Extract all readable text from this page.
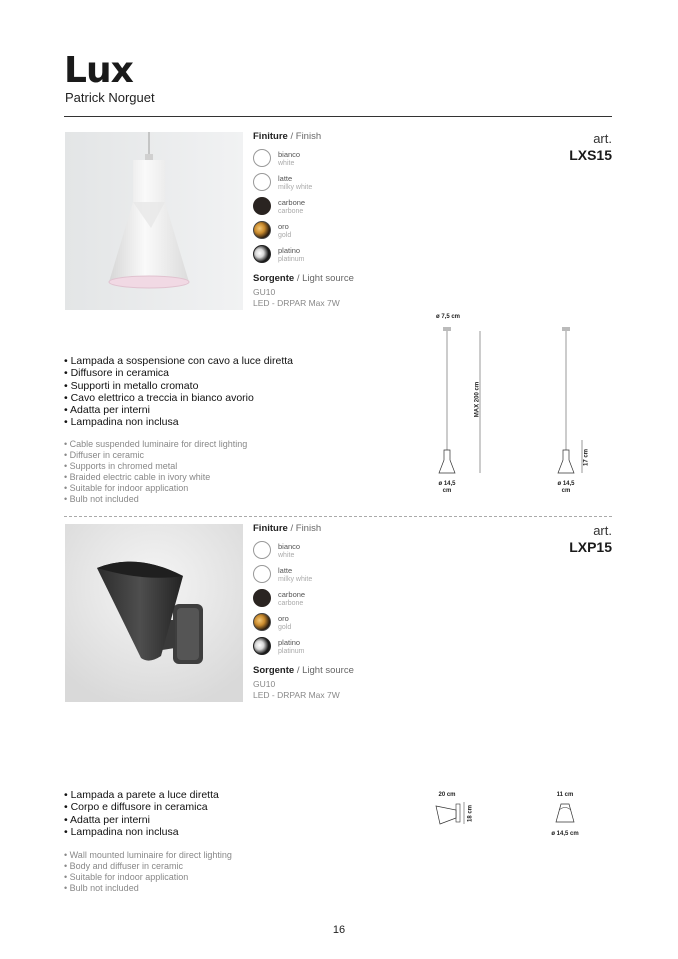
Lux
Patrick Norguet
Finiture / Finish
bianco
white
latte
milky white
carbone
carbone
oro
gold
platino
platinum
Sorgente / Light source
GU10
LED - DRPAR Max 7W
art.
LXS15
• Lampada a sospensione con cavo a luce diretta
• Diffusore in ceramica
• Supporti in metallo cromato
• Cavo elettrico a treccia in bianco avorio
• Adatta per interni
• Lampadina non inclusa
• Cable suspended luminaire for direct lighting
• Diffuser in ceramic
• Supports in chromed metal
• Braided electric cable in ivory white
• Suitable for indoor application
• Bulb not included
ø 7,5 cm
MAX 200 cm
ø 14,5 cm
17 cm
ø 14,5 cm
Finiture / Finish
bianco
white
latte
milky white
carbone
carbone
oro
gold
platino
platinum
Sorgente / Light source
GU10
LED - DRPAR Max 7W
art.
LXP15
• Lampada a parete a luce diretta
• Corpo e diffusore in ceramica
• Adatta per interni
• Lampadina non inclusa
• Wall mounted luminaire for direct lighting
• Body and diffuser in ceramic
• Suitable for indoor application
• Bulb not included
20 cm
18 cm
11 cm
ø 14,5 cm
16
